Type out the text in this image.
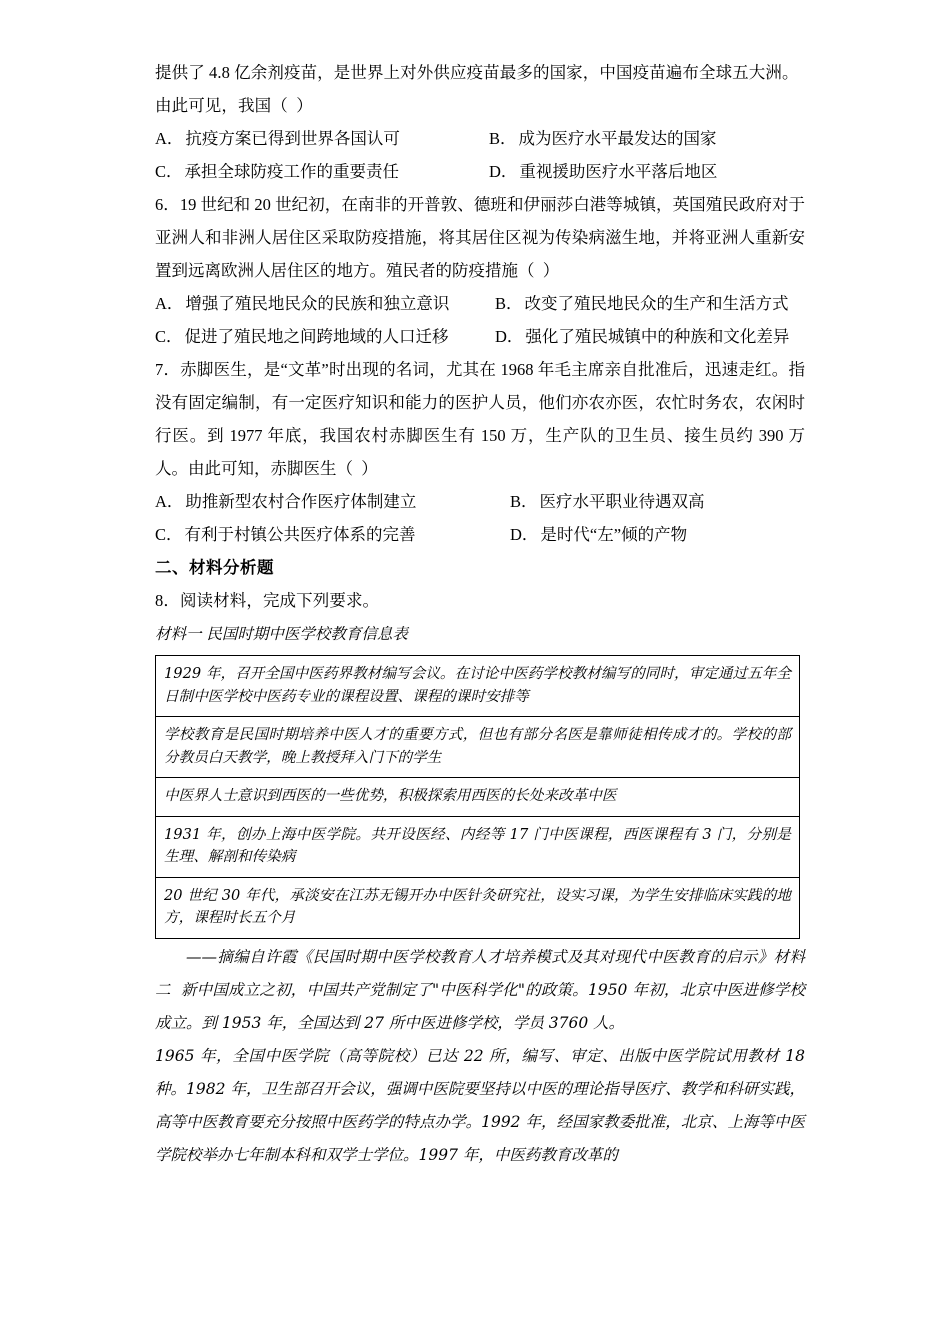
提供了 4.8 亿余剂疫苗，是世界上对外供应疫苗最多的国家，中国疫苗遍布全球五大洲。
由此可见，我国（  ）
A． 抗疫方案已得到世界各国认可	B． 成为医疗水平最发达的国家
C． 承担全球防疫工作的重要责任	D． 重视援助医疗水平落后地区
6．19 世纪和 20 世纪初，在南非的开普敦、德班和伊丽莎白港等城镇，英国殖民政府对于亚洲人和非洲人居住区采取防疫措施，将其居住区视为传染病滋生地，并将亚洲人重新安置到远离欧洲人居住区的地方。殖民者的防疫措施（  ）
A． 增强了殖民地民众的民族和独立意识	B． 改变了殖民地民众的生产和生活方式
C． 促进了殖民地之间跨地域的人口迁移	D． 强化了殖民城镇中的种族和文化差异
7．赤脚医生，是“文革”时出现的名词，尤其在 1968 年毛主席亲自批准后，迅速走红。指没有固定编制，有一定医疗知识和能力的医护人员，他们亦农亦医，农忙时务农，农闲时行医。到 1977 年底，我国农村赤脚医生有 150 万，生产队的卫生员、接生员约 390 万人。由此可知，赤脚医生（  ）
A． 助推新型农村合作医疗体制建立	B． 医疗水平职业待遇双高
C． 有利于村镇公共医疗体系的完善	D． 是时代“左”倾的产物
二、材料分析题
8．阅读材料，完成下列要求。
材料一 民国时期中医学校教育信息表
1929 年，召开全国中医药界教材编写会议。在讨论中医药学校教材编写的同时，审定通过五年全日制中医学校中医药专业的课程设置、课程的课时安排等
学校教育是民国时期培养中医人才的重要方式，但也有部分名医是靠师徒相传成才的。学校的部分教员白天教学，晚上教授拜入门下的学生
中医界人士意识到西医的一些优势，积极探索用西医的长处来改革中医
1931 年，创办上海中医学院。共开设医经、内经等 17 门中医课程，西医课程有 3 门，分别是生理、解剖和传染病
20 世纪 30 年代，承淡安在江苏无锡开办中医针灸研究社，设实习课，为学生安排临床实践的地方，课程时长五个月
——摘编自许霞《民国时期中医学校教育人才培养模式及其对现代中医教育的启示》材料二  新中国成立之初，中国共产党制定了"中医科学化"的政策。1950 年初，北京中医进修学校成立。到 1953 年，全国达到 27 所中医进修学校，学员 3760 人。
1965 年，全国中医学院（高等院校）已达 22 所，编写、审定、出版中医学院试用教材 18 种。1982 年，卫生部召开会议，强调中医院要坚持以中医的理论指导医疗、教学和科研实践，高等中医教育要充分按照中医药学的特点办学。1992 年，经国家教委批准，北京、上海等中医学院校举办七年制本科和双学士学位。1997 年，中医药教育改革的
